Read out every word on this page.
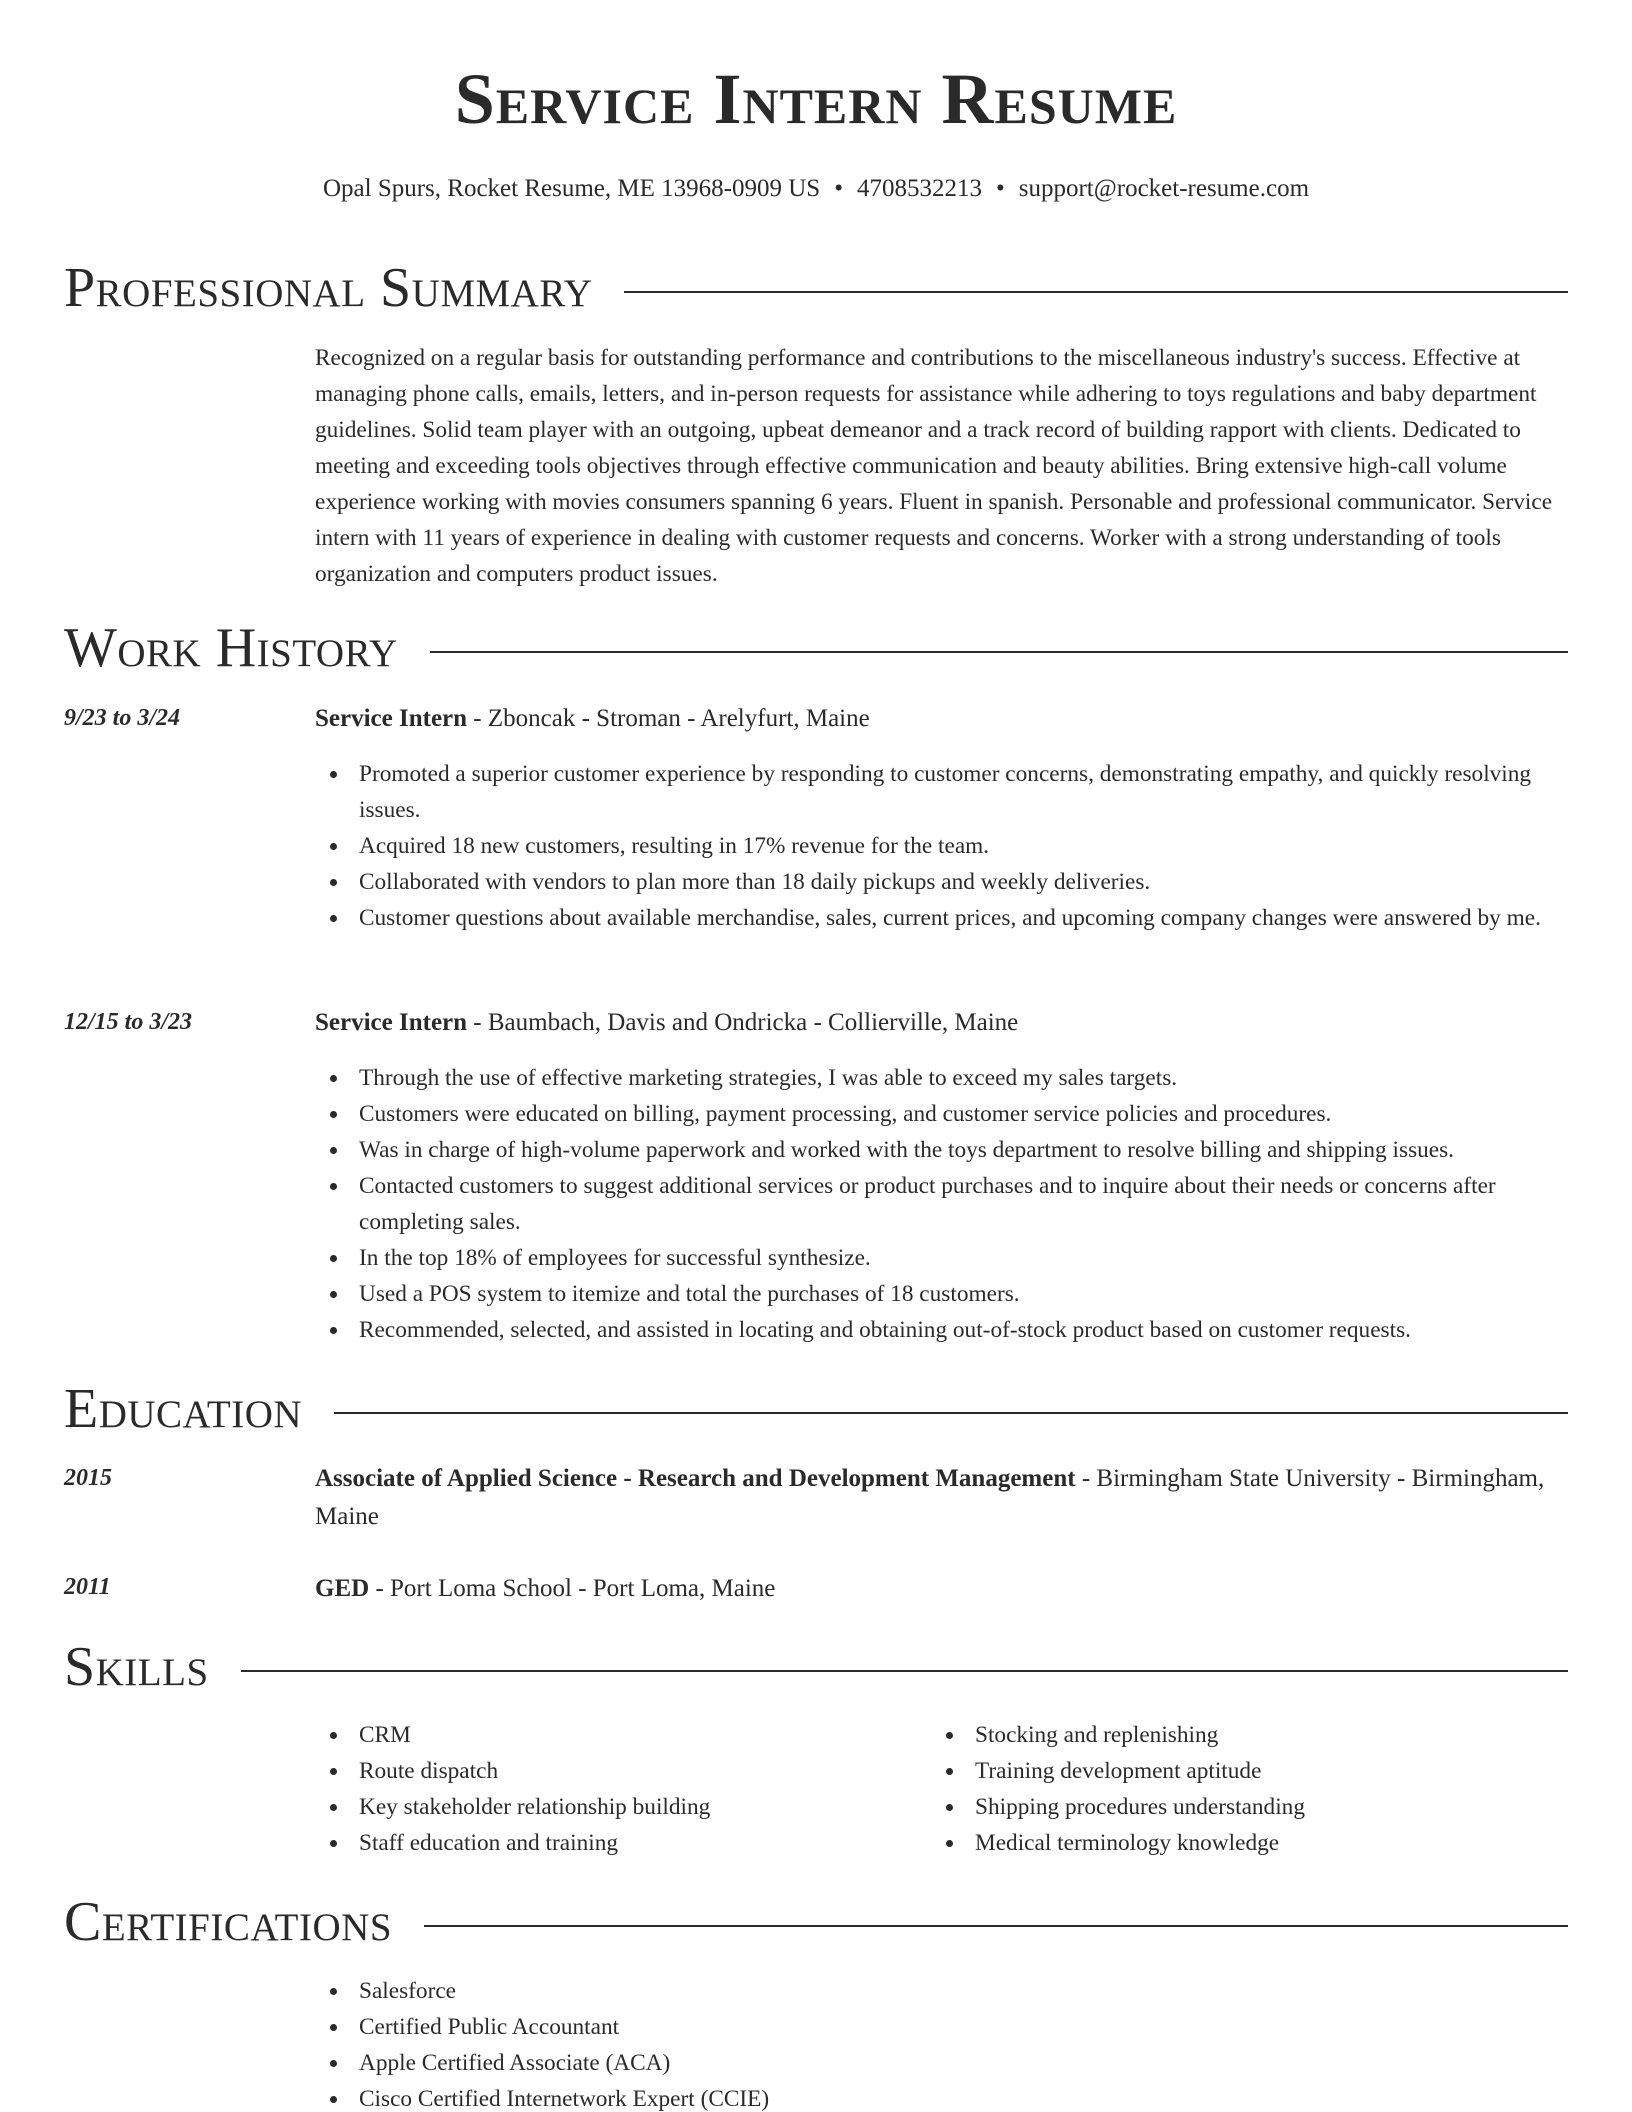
Service Intern Resume
Opal Spurs, Rocket Resume, ME 13968-0909 US • 4708532213 • support@rocket-resume.com
Professional Summary

Recognized on a regular basis for outstanding performance and contributions to the miscellaneous industry's success. Effective at managing phone calls, emails, letters, and in-person requests for assistance while adhering to toys regulations and baby department guidelines. Solid team player with an outgoing, upbeat demeanor and a track record of building rapport with clients. Dedicated to meeting and exceeding tools objectives through effective communication and beauty abilities. Bring extensive high-call volume experience working with movies consumers spanning 6 years. Fluent in spanish. Personable and professional communicator. Service intern with 11 years of experience in dealing with customer requests and concerns. Worker with a strong understanding of tools organization and computers product issues.

Work History
9/23 to 3/24	Service Intern - Zboncak - Stroman - Arelyfurt, Maine
Promoted a superior customer experience by responding to customer concerns, demonstrating empathy, and quickly resolving issues.
Acquired 18 new customers, resulting in 17% revenue for the team.
Collaborated with vendors to plan more than 18 daily pickups and weekly deliveries.
Customer questions about available merchandise, sales, current prices, and upcoming company changes were answered by me.
12/15 to 3/23	Service Intern - Baumbach, Davis and Ondricka - Collierville, Maine
Through the use of effective marketing strategies, I was able to exceed my sales targets.
Customers were educated on billing, payment processing, and customer service policies and procedures.
Was in charge of high-volume paperwork and worked with the toys department to resolve billing and shipping issues.
Contacted customers to suggest additional services or product purchases and to inquire about their needs or concerns after completing sales.
In the top 18% of employees for successful synthesize.
Used a POS system to itemize and total the purchases of 18 customers.
Recommended, selected, and assisted in locating and obtaining out-of-stock product based on customer requests.
Education
2015	Associate of Applied Science - Research and Development Management - Birmingham State University - Birmingham, Maine
2011	GED - Port Loma School - Port Loma, Maine
Skills
CRM
Route dispatch
Key stakeholder relationship building
Staff education and training
Stocking and replenishing
Training development aptitude
Shipping procedures understanding
Medical terminology knowledge
Certifications
Salesforce
Certified Public Accountant
Apple Certified Associate (ACA)
Cisco Certified Internetwork Expert (CCIE)
